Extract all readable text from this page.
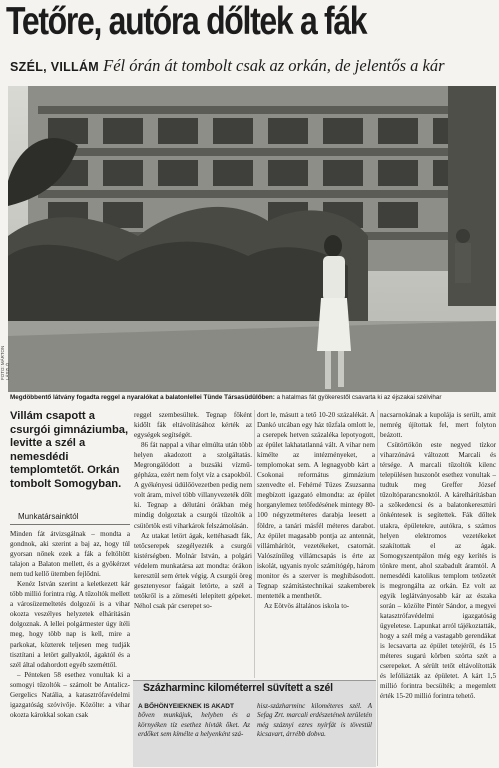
Tetőre, autóra dőltek a fák
SZÉL, VILLÁM Fél órán át tombolt csak az orkán, de jelentős a kár
FOTO: MÁRTON LÁSZLÓ
Megdöbbentő látvány fogadta reggel a nyaralókat a balatonlellei Tünde Társasüdülőben: a hatalmas fát gyökerestől csavarta ki az éjszakai szélvihar
Villám csapott a csurgói gimnáziumba, levitte a szél a nemesdédi templomtetőt. Orkán tombolt Somogyban.
Munkatársainktól

Minden fát átvizsgálnak – mondta a gondnok, aki szerint a baj az, hogy túl gyorsan nőnek ezek a fák a feltöltött talajon a Balaton mellett, és a gyökérzet nem tud kellő ütemben fejlődni.

Kenéz István szerint a keletkezett kár több millió forintra rúg. A tűzoltók mellett a városüzemeltetés dolgozói is a vihar okozta veszélyes helyzetek elhárításán dolgoznak. A lellei polgármester úgy ítéli meg, hogy több nap is kell, mire a parkokat, közterek teljesen meg tudják tisztítani a letört gallyaktól, ágaktól és a szél által odahordott egyéb szeméttől.

– Pénteken 58 esethez vonultak ki a somogyi tűzoltók – számolt be Antalicz-Gergelics Natália, a katasztrófavédelmi igazgatóság szóvivője. Közölte: a vihar okozta károkkal sokan csak

reggel szembesültek. Tegnap főként kidőlt fák eltávolításához kérték az egységek segítségét.

86 fát nappal a vihar elmúlta után több helyen akadozott a szolgáltatás. Megrongálódott a buzsáki vízmű-gépháza, ezért nem folyt víz a csapokból. A gyékényesi üdülőövezetben pedig nem volt áram, mivel több villanyvezeték dőlt ki. Tegnap a délutáni órákban még mindig dolgoztak a csurgói tűzoltók a csütörtök esti viharkárok felszámolásán.

Az utakat letört ágak, kettéhasadt fák, tetőcserepek szegélyezték a csurgói kistérségben. Molnár István, a polgári védelem munkatársa azt mondta: órákon keresztül sem értek végig. A csurgói öreg gesztenyesor faágait letörte, a szél a tetőkről is a zömeséti lelepített gépeket. Néhol csak pár cserepet so-

dort le, másutt a tető 10-20 százalékát. A Dankó utcában egy ház tűzfala omlott le, a cserepek hetven százaléka lepotyogott, az épület lakhatatlanná vált. A vihar nem kímélte az intézményeket, a templomokat sem. A legnagyobb kárt a Csokonai református gimnázium szenvedte el. Fehérné Tüzes Zsuzsanna megbízott igazgató elmondta: az épület horganylemez tetőfedésének mintegy 80-100 négyzetméteres darabja leesett a földre, a tanári másfél méteres darabot. Az épület magasabb pontja az antennát, villámhárítót, vezetékeket, csatornát. Valószínűleg villámcsapás is érte az iskolát, ugyanis nyolc számítógép, három monitor és a szerver is meghibásodott. Tegnap számítástechnikai szakemberek mentették a menthetőt.

Az Eötvös általános iskola to-

nacsarnokának a kupolája is serült, amit nemrég újítottak fel, mert folyton beázott.

Csütörtökön este negyed tízkor viharzónává változott Marcali és térsége. A marcali tűzoltók kilenc településen huszonöt esethez vonultak – tudtuk meg Greffer József tűzoltóparancsnoktól. A kárelhárításban a szőkedencsi és a balatonkeresztúri önkéntesek is segítettek. Fák dőltek utakra, épületekre, autókra, s számos helyen elektromos vezetékeket szakítottak el az ágak. Somogyszentpálon még egy kerítés is tönkre ment, ahol szabadult áramtól. A nemesdédi katolikus templom tetőzetét is megrongálta az orkán. Ez volt az egyik leglátványosabb kár az északa során – közölte Pintér Sándor, a megyei katasztrófavédelmi igazgatóság ügyeletese. Lapunkat arról tájékoztatták, hogy a szél még a vastagabb gerendákat is lecsavarta az épület tetejéről, és 15 méteres sugarú körben szórta szét a cserepeket. A sérült tetőt eltávolították és lefóliázták az épületet. A kárt 1,5 millió forintra becsülték; a megemlett érték 15-20 millió forintra tehető.

Százharminc kilométerrel süvített a szél
A BŐHÖNYEIEKNEK IS AKADT
bőven munkájuk, helyben és a környéken tíz esethez hívták őket. Az erdőket sem kímélte a helyenként szá-
hisz-százharminc kilométeres szél. A Sefag Zrt. marcali erdészetének területén még száznyi ezres nyírfát is tövestül kicsavart, árrébb dobva.
